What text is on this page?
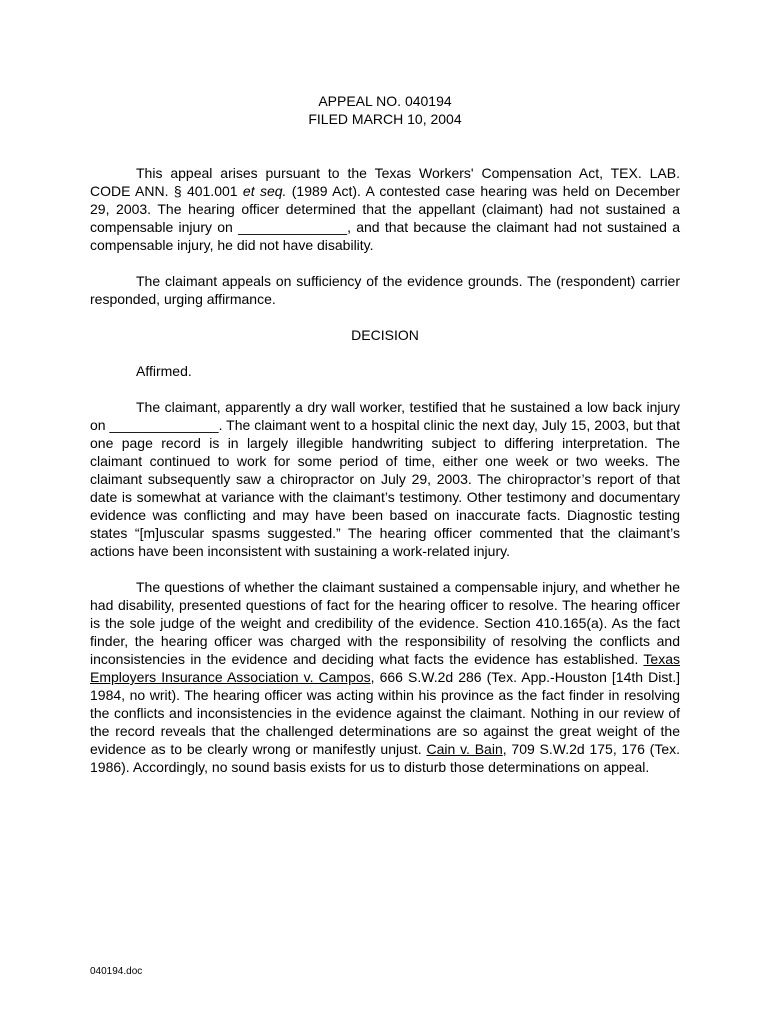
APPEAL NO. 040194
FILED MARCH 10, 2004

This appeal arises pursuant to the Texas Workers' Compensation Act, TEX. LAB. CODE ANN. § 401.001 et seq. (1989 Act). A contested case hearing was held on December 29, 2003. The hearing officer determined that the appellant (claimant) had not sustained a compensable injury on ______________, and that because the claimant had not sustained a compensable injury, he did not have disability.

The claimant appeals on sufficiency of the evidence grounds. The (respondent) carrier responded, urging affirmance.

DECISION

Affirmed.

The claimant, apparently a dry wall worker, testified that he sustained a low back injury on ______________. The claimant went to a hospital clinic the next day, July 15, 2003, but that one page record is in largely illegible handwriting subject to differing interpretation. The claimant continued to work for some period of time, either one week or two weeks. The claimant subsequently saw a chiropractor on July 29, 2003. The chiropractor’s report of that date is somewhat at variance with the claimant’s testimony. Other testimony and documentary evidence was conflicting and may have been based on inaccurate facts. Diagnostic testing states “[m]uscular spasms suggested.” The hearing officer commented that the claimant’s actions have been inconsistent with sustaining a work-related injury.

The questions of whether the claimant sustained a compensable injury, and whether he had disability, presented questions of fact for the hearing officer to resolve. The hearing officer is the sole judge of the weight and credibility of the evidence. Section 410.165(a). As the fact finder, the hearing officer was charged with the responsibility of resolving the conflicts and inconsistencies in the evidence and deciding what facts the evidence has established. Texas Employers Insurance Association v. Campos, 666 S.W.2d 286 (Tex. App.-Houston [14th Dist.] 1984, no writ). The hearing officer was acting within his province as the fact finder in resolving the conflicts and inconsistencies in the evidence against the claimant. Nothing in our review of the record reveals that the challenged determinations are so against the great weight of the evidence as to be clearly wrong or manifestly unjust. Cain v. Bain, 709 S.W.2d 175, 176 (Tex. 1986). Accordingly, no sound basis exists for us to disturb those determinations on appeal.

040194.doc
